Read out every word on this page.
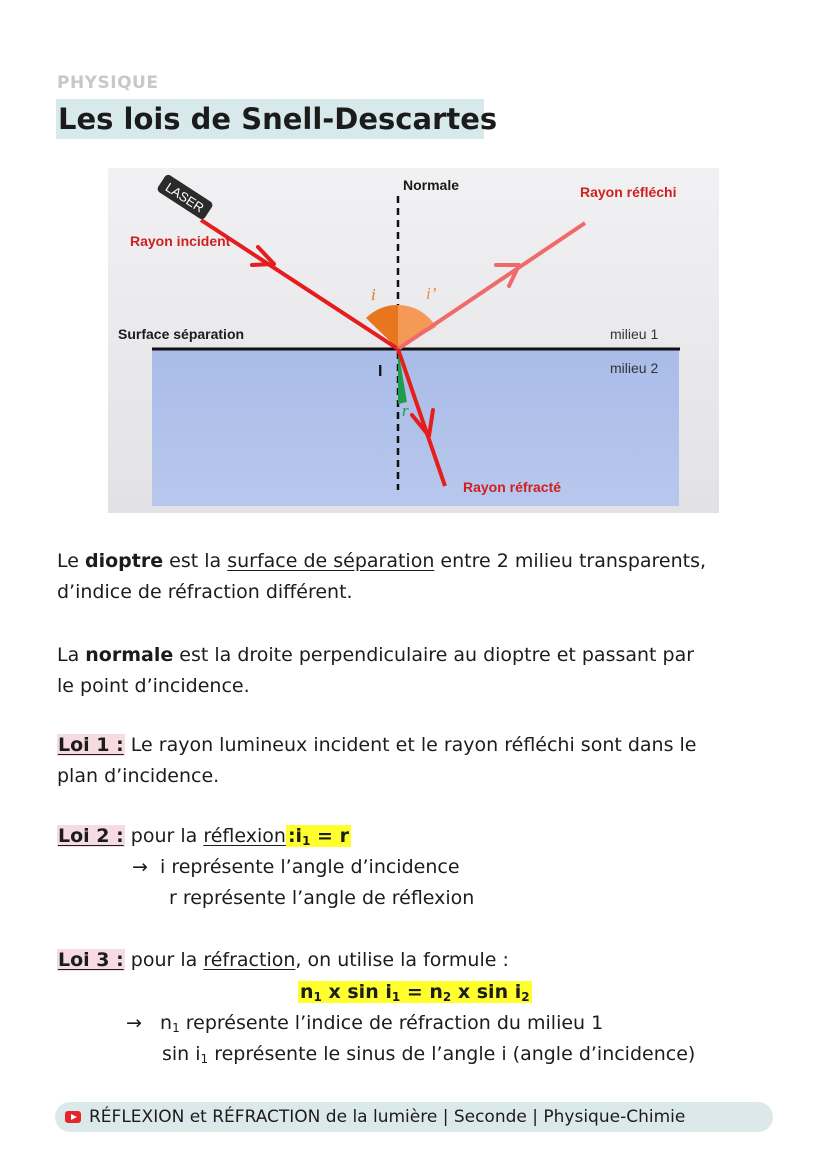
PHYSIQUE
Les lois de Snell-Descartes
LASER
Rayon incident
Normale	Rayon réfléchi
Surface séparation	milieu 1
milieu 2
Rayon réfracté
i	i’
r
I
Le dioptre est la surface de séparation entre 2 milieu transparents,
d’indice de réfraction différent.
La normale est la droite perpendiculaire au dioptre et passant par
le point d’incidence.
Loi 1 : Le rayon lumineux incident et le rayon réfléchi sont dans le
plan d’incidence.
Loi 2 : pour la réflexion $:i_1 = r$
→ i représente l’angle d’incidence
r représente l’angle de réflexion
Loi 3 : pour la réfraction, on utilise la formule :
$n_1$ x $\sin i_1 = n_2$ x $\sin i_2$
→ $n_1$ représente l’indice de réfraction du milieu 1
$\sin i_1$ représente le sinus de l’angle i (angle d’incidence)
RÉFLEXION et RÉFRACTION de la lumière | Seconde | Physique-Chimie
